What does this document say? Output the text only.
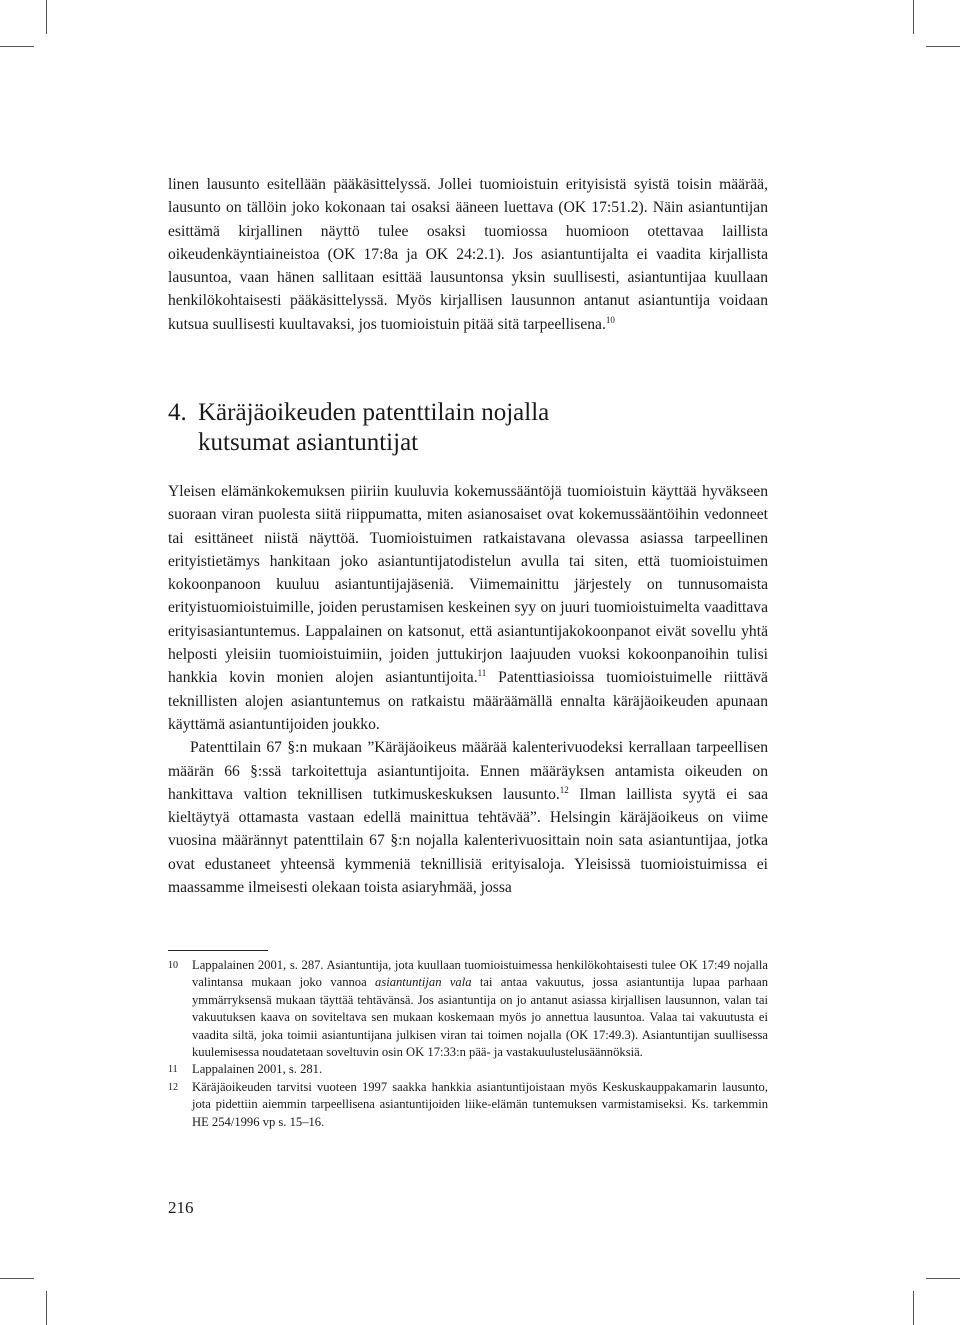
linen lausunto esitellään pääkäsittelyssä. Jollei tuomioistuin erityisistä syistä toisin määrää, lausunto on tällöin joko kokonaan tai osaksi ääneen luettava (OK 17:51.2). Näin asiantuntijan esittämä kirjallinen näyttö tulee osaksi tuomiossa huomioon otettavaa laillista oikeudenkäyntiaineistoa (OK 17:8a ja OK 24:2.1). Jos asiantuntijalta ei vaadita kirjallista lausuntoa, vaan hänen sallitaan esittää lausuntonsa yksin suullisesti, asiantuntijaa kuullaan henkilökohtaisesti pääkäsittelyssä. Myös kirjallisen lausunnon antanut asiantuntija voidaan kutsua suullisesti kuultavaksi, jos tuomioistuin pitää sitä tarpeellisena.$^{10}$

4. Käräjäoikeuden patenttilain nojalla
kutsumat asiantuntijat

Yleisen elämänkokemuksen piiriin kuuluvia kokemussääntöjä tuomioistuin käyttää hyväkseen suoraan viran puolesta siitä riippumatta, miten asianosaiset ovat kokemussääntöihin vedonneet tai esittäneet niistä näyttöä. Tuomioistuimen ratkaistavana olevassa asiassa tarpeellinen erityistietämys hankitaan joko asiantuntijatodistelun avulla tai siten, että tuomioistuimen kokoonpanoon kuuluu asiantuntijajäseniä. Viimemainittu järjestely on tunnusomaista erityistuomioistuimille, joiden perustamisen keskeinen syy on juuri tuomioistuimelta vaadittava erityisasiantuntemus. Lappalainen on katsonut, että asiantuntijakokoonpanot eivät sovellu yhtä helposti yleisiin tuomioistuimiin, joiden juttukirjon laajuuden vuoksi kokoonpanoihin tulisi hankkia kovin monien alojen asiantuntijoita.$^{11}$ Patenttiasioissa tuomioistuimelle riittävä teknillisten alojen asiantuntemus on ratkaistu määräämällä ennalta käräjäoikeuden apunaan käyttämä asiantuntijoiden joukko.

Patenttilain 67 §:n mukaan ”Käräjäoikeus määrää kalenterivuodeksi kerrallaan tarpeellisen määrän 66 §:ssä tarkoitettuja asiantuntijoita. Ennen määräyksen antamista oikeuden on hankittava valtion teknillisen tutkimuskeskuksen lausunto.$^{12}$ Ilman laillista syytä ei saa kieltäytyä ottamasta vastaan edellä mainittua tehtävää”. Helsingin käräjäoikeus on viime vuosina määrännyt patenttilain 67 §:n nojalla kalenterivuosittain noin sata asiantuntijaa, jotka ovat edustaneet yhteensä kymmeniä teknillisiä erityisaloja. Yleisissä tuomioistuimissa ei maassamme ilmeisesti olekaan toista asiaryhmää, jossa

10	Lappalainen 2001, s. 287. Asiantuntija, jota kuullaan tuomioistuimessa henkilökohtaisesti tulee OK 17:49 nojalla valintansa mukaan joko vannoa asiantuntijan vala tai antaa vakuutus, jossa asiantuntija lupaa parhaan ymmärryksensä mukaan täyttää tehtävänsä. Jos asiantuntija on jo antanut asiassa kirjallisen lausunnon, valan tai vakuutuksen kaava on soviteltava sen mukaan koskemaan myös jo annettua lausuntoa. Valaa tai vakuutusta ei vaadita siltä, joka toimii asiantuntijana julkisen viran tai toimen nojalla (OK 17:49.3). Asiantuntijan suullisessa kuulemisessa noudatetaan soveltuvin osin OK 17:33:n pää- ja vastakuulustelusäännöksiä.

11	Lappalainen 2001, s. 281.

12	Käräjäoikeuden tarvitsi vuoteen 1997 saakka hankkia asiantuntijoistaan myös Keskuskauppakamarin lausunto, jota pidettiin aiemmin tarpeellisena asiantuntijoiden liike-elämän tuntemuksen varmistamiseksi. Ks. tarkemmin HE 254/1996 vp s. 15–16.

216
